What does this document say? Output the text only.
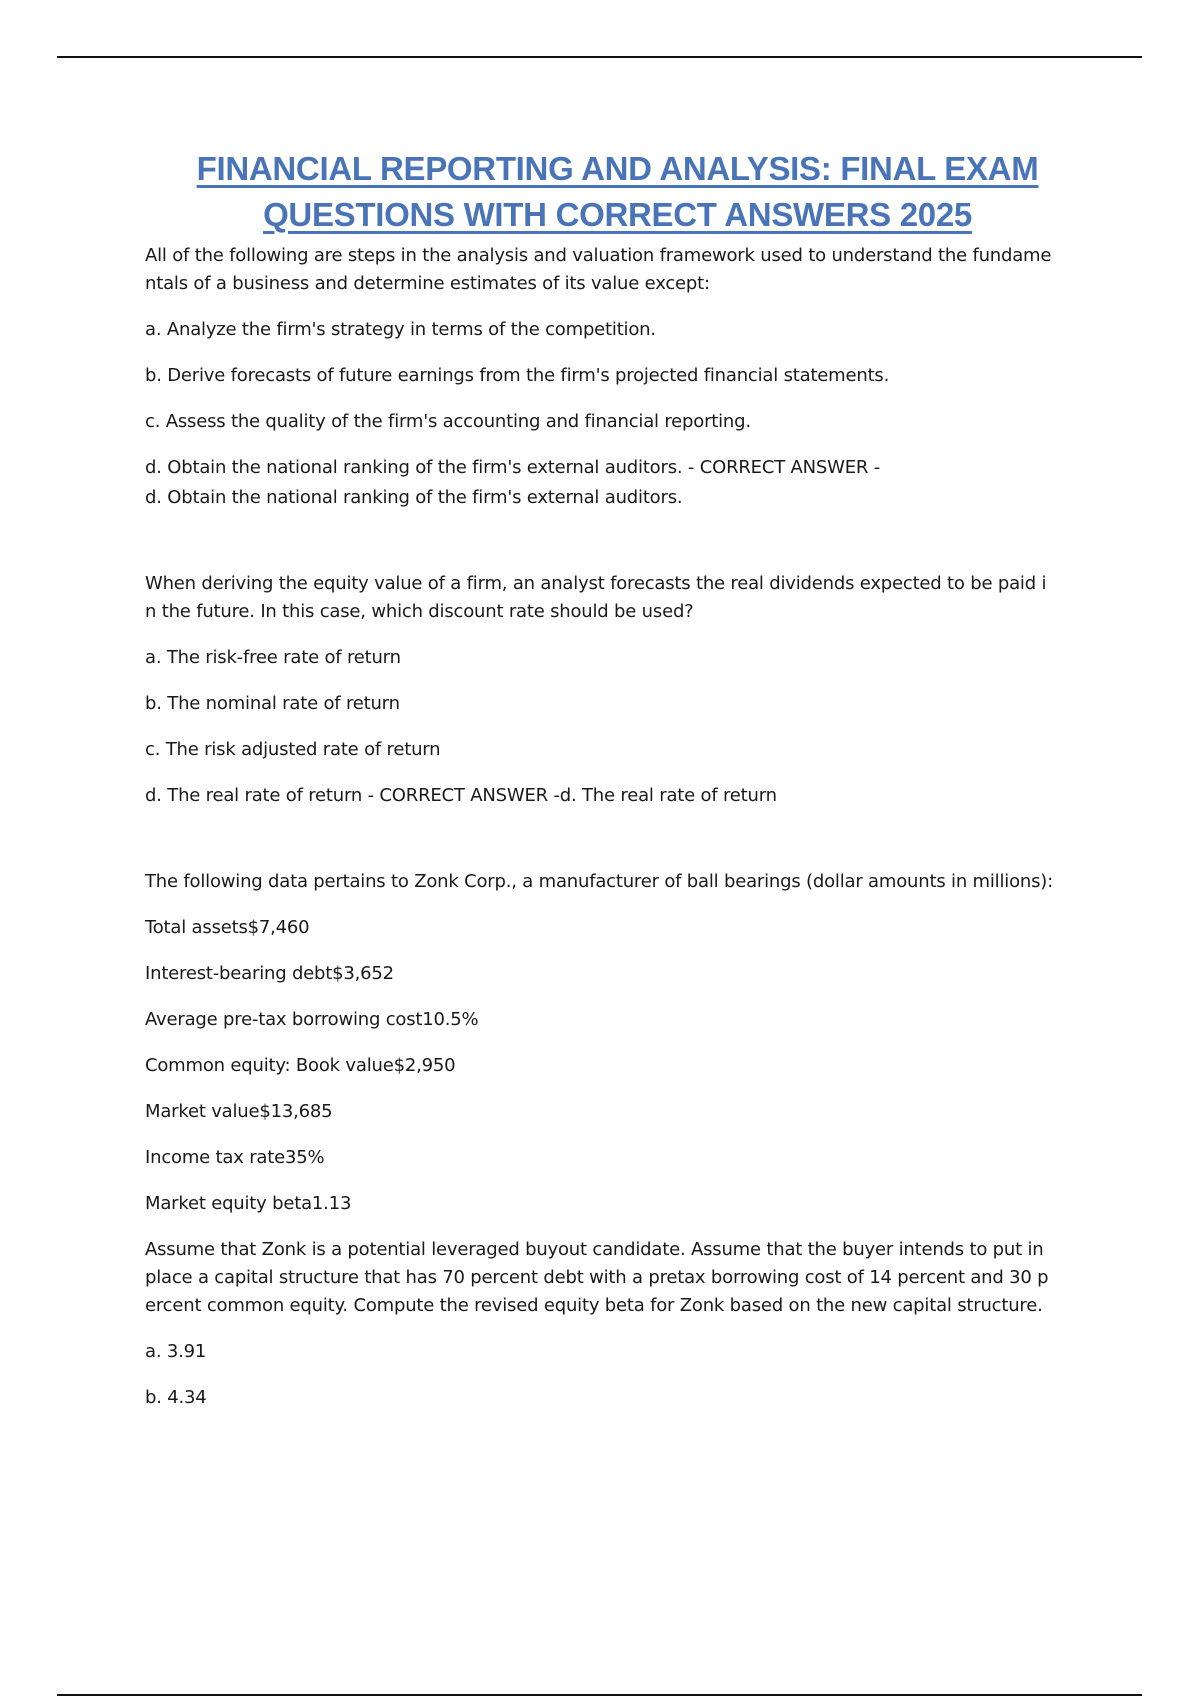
FINANCIAL REPORTING AND ANALYSIS: FINAL EXAM
QUESTIONS WITH CORRECT ANSWERS 2025

All of the following are steps in the analysis and valuation framework used to understand the fundame
ntals of a business and determine estimates of its value except:

a. Analyze the firm's strategy in terms of the competition.

b. Derive forecasts of future earnings from the firm's projected financial statements.

c. Assess the quality of the firm's accounting and financial reporting.

d. Obtain the national ranking of the firm's external auditors. - CORRECT ANSWER -

d. Obtain the national ranking of the firm's external auditors.

When deriving the equity value of a firm, an analyst forecasts the real dividends expected to be paid i
n the future. In this case, which discount rate should be used?

a. The risk-free rate of return

b. The nominal rate of return

c. The risk adjusted rate of return

d. The real rate of return - CORRECT ANSWER -d. The real rate of return

The following data pertains to Zonk Corp., a manufacturer of ball bearings (dollar amounts in millions):

Total assets$7,460

Interest-bearing debt$3,652

Average pre-tax borrowing cost10.5%

Common equity: Book value$2,950

Market value$13,685

Income tax rate35%

Market equity beta1.13

Assume that Zonk is a potential leveraged buyout candidate. Assume that the buyer intends to put in
place a capital structure that has 70 percent debt with a pretax borrowing cost of 14 percent and 30 p
ercent common equity. Compute the revised equity beta for Zonk based on the new capital structure.

a. 3.91

b. 4.34
